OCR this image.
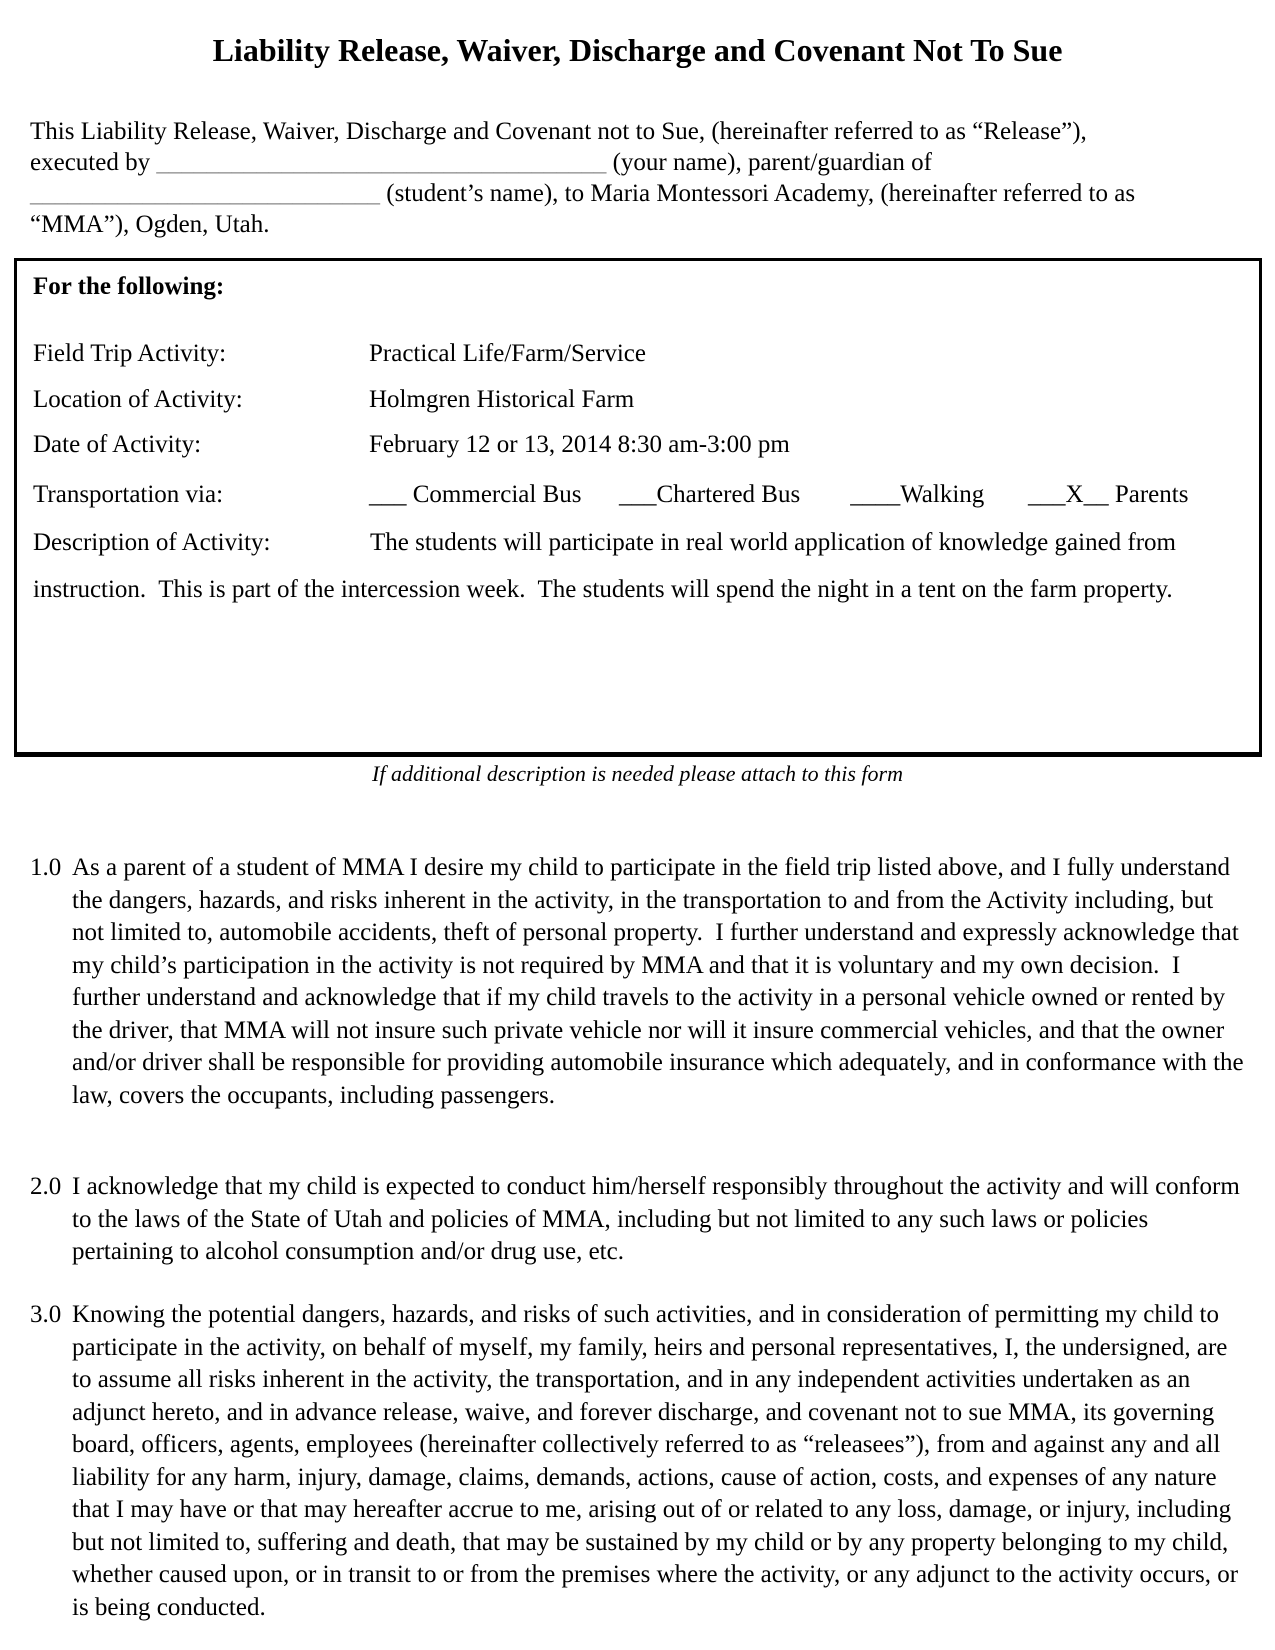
Liability Release, Waiver, Discharge and Covenant Not To Sue
This Liability Release, Waiver, Discharge and Covenant not to Sue, (hereinafter referred to as “Release”),
executed by ____________________________________ (your name), parent/guardian of
____________________________ (student’s name), to Maria Montessori Academy, (hereinafter referred to as
“MMA”), Ogden, Utah.
For the following:
Field Trip Activity:	Practical Life/Farm/Service
Location of Activity:	Holmgren Historical Farm
Date of Activity:	February 12 or 13, 2014 8:30 am-3:00 pm
Transportation via:	___ Commercial Bus      ___Chartered Bus        ____Walking       ___X__ Parents
Description of Activity:	The students will participate in real world application of knowledge gained from instruction.  This is part of the intercession week.  The students will spend the night in a tent on the farm property.
If additional description is needed please attach to this form
1.0 As a parent of a student of MMA I desire my child to participate in the field trip listed above, and I fully understand the dangers, hazards, and risks inherent in the activity, in the transportation to and from the Activity including, but not limited to, automobile accidents, theft of personal property.  I further understand and expressly acknowledge that my child’s participation in the activity is not required by MMA and that it is voluntary and my own decision.  I further understand and acknowledge that if my child travels to the activity in a personal vehicle owned or rented by the driver, that MMA will not insure such private vehicle nor will it insure commercial vehicles, and that the owner and/or driver shall be responsible for providing automobile insurance which adequately, and in conformance with the law, covers the occupants, including passengers.
2.0 I acknowledge that my child is expected to conduct him/herself responsibly throughout the activity and will conform to the laws of the State of Utah and policies of MMA, including but not limited to any such laws or policies pertaining to alcohol consumption and/or drug use, etc.
3.0 Knowing the potential dangers, hazards, and risks of such activities, and in consideration of permitting my child to participate in the activity, on behalf of myself, my family, heirs and personal representatives, I, the undersigned, are to assume all risks inherent in the activity, the transportation, and in any independent activities undertaken as an adjunct hereto, and in advance release, waive, and forever discharge, and covenant not to sue MMA, its governing board, officers, agents, employees (hereinafter collectively referred to as “releasees”), from and against any and all liability for any harm, injury, damage, claims, demands, actions, cause of action, costs, and expenses of any nature that I may have or that may hereafter accrue to me, arising out of or related to any loss, damage, or injury, including but not limited to, suffering and death, that may be sustained by my child or by any property belonging to my child, whether caused upon, or in transit to or from the premises where the activity, or any adjunct to the activity occurs, or is being conducted.
